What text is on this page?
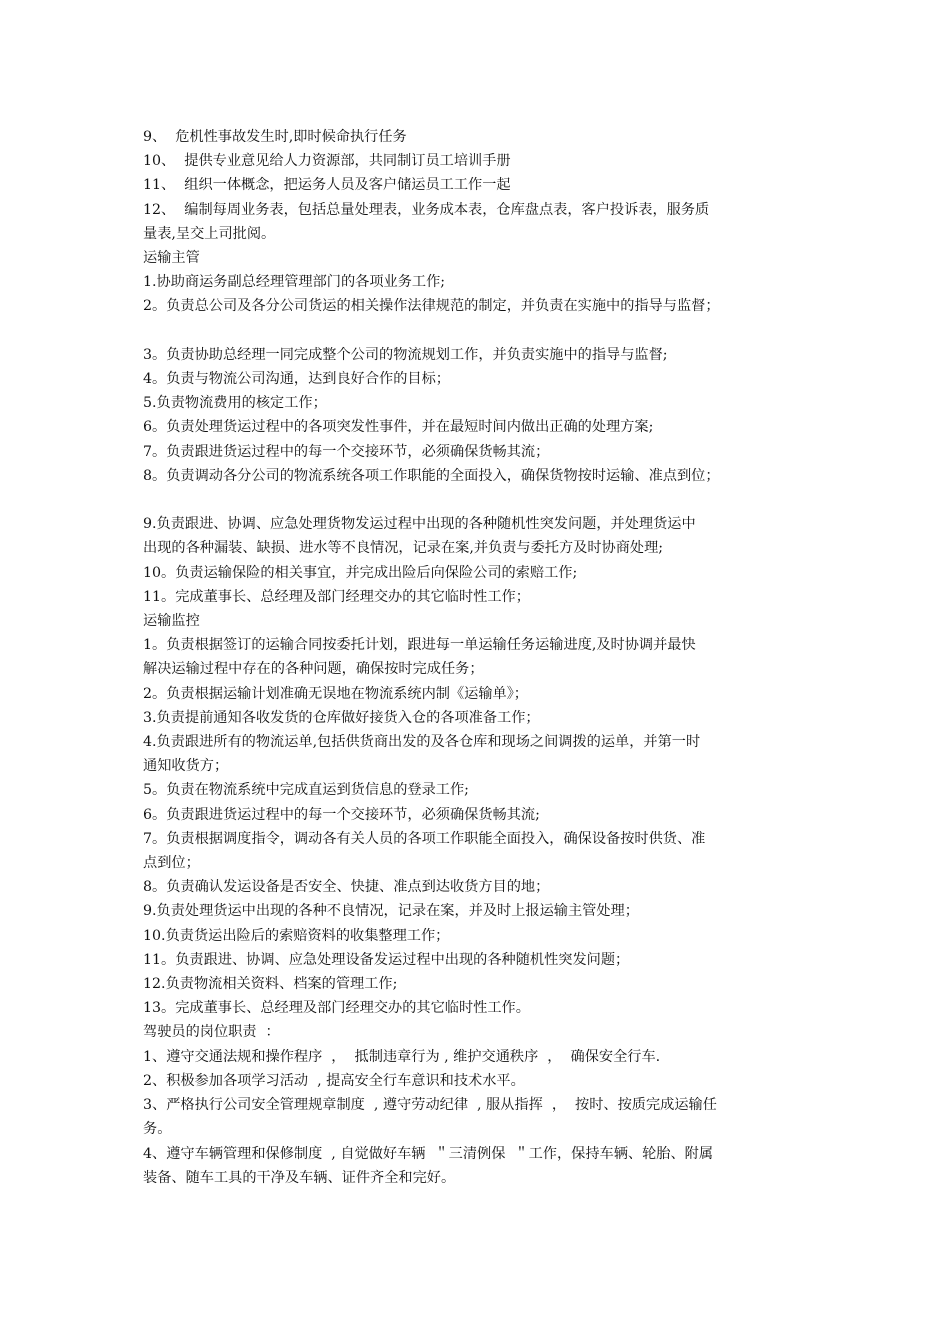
9、  危机性事故发生时,即时候命执行任务
10、  提供专业意见给人力资源部，共同制订员工培训手册
11、  组织一体概念，把运务人员及客户储运员工工作一起
12、  编制每周业务表，包括总量处理表，业务成本表，仓库盘点表，客户投诉表，服务质
量表,呈交上司批阅。
运输主管
1.协助商运务副总经理管理部门的各项业务工作;
2。负责总公司及各分公司货运的相关操作法律规范的制定，并负责在实施中的指导与监督；
3。负责协助总经理一同完成整个公司的物流规划工作，并负责实施中的指导与监督;
4。负责与物流公司沟通，达到良好合作的目标；
5.负责物流费用的核定工作；
6。负责处理货运过程中的各项突发性事件，并在最短时间内做出正确的处理方案;
7。负责跟进货运过程中的每一个交接环节，必须确保货畅其流；
8。负责调动各分公司的物流系统各项工作职能的全面投入，确保货物按时运输、准点到位；
9.负责跟进、协调、应急处理货物发运过程中出现的各种随机性突发问题，并处理货运中
出现的各种漏装、缺损、进水等不良情况，记录在案,并负责与委托方及时协商处理;
10。负责运输保险的相关事宜，并完成出险后向保险公司的索赔工作;
11。完成董事长、总经理及部门经理交办的其它临时性工作；
运输监控
1。负责根据签订的运输合同按委托计划，跟进每一单运输任务运输进度,及时协调并最快
解决运输过程中存在的各种问题，确保按时完成任务；
2。负责根据运输计划准确无误地在物流系统内制《运输单》；
3.负责提前通知各收发货的仓库做好接货入仓的各项准备工作；
4.负责跟进所有的物流运单,包括供货商出发的及各仓库和现场之间调拨的运单，并第一时
通知收货方；
5。负责在物流系统中完成直运到货信息的登录工作;
6。负责跟进货运过程中的每一个交接环节，必须确保货畅其流;
7。负责根据调度指令，调动各有关人员的各项工作职能全面投入，确保设备按时供货、准
点到位；
8。负责确认发运设备是否安全、快捷、准点到达收货方目的地；
9.负责处理货运中出现的各种不良情况，记录在案，并及时上报运输主管处理；
10.负责货运出险后的索赔资料的收集整理工作；
11。负责跟进、协调、应急处理设备发运过程中出现的各种随机性突发问题；
12.负责物流相关资料、档案的管理工作;
13。完成董事长、总经理及部门经理交办的其它临时性工作。
驾驶员的岗位职责  ：
1、遵守交通法规和操作程序  ，  抵制违章行为 , 维护交通秩序  ，  确保安全行车.
2、积极参加各项学习活动  , 提高安全行车意识和技术水平。
3、严格执行公司安全管理规章制度  , 遵守劳动纪律  , 服从指挥  ，  按时、按质完成运输任
务。
4、遵守车辆管理和保修制度  , 自觉做好车辆  ＂三清例保  ＂工作，保持车辆、轮胎、附属
装备、随车工具的干净及车辆、证件齐全和完好。
